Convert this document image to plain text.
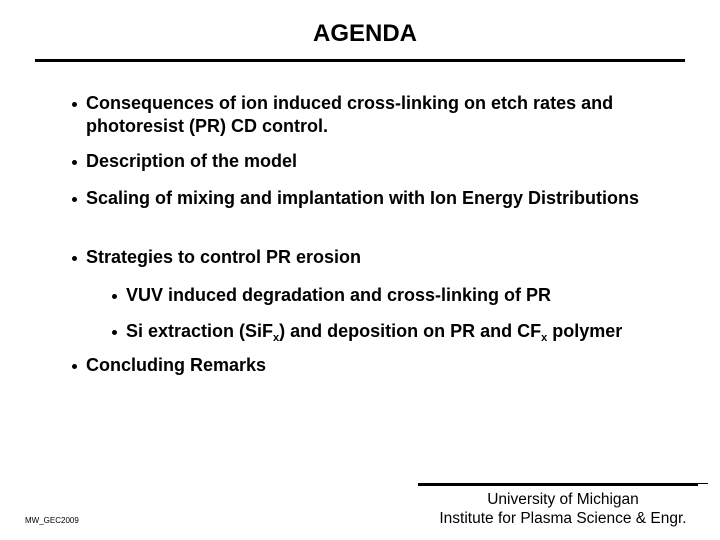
AGENDA
Consequences of ion induced cross-linking on etch rates and photoresist (PR) CD control.
Description of the model
Scaling of mixing and implantation with Ion Energy Distributions
Strategies to control PR erosion
VUV induced degradation and cross-linking of PR
Si extraction (SiF$_x$) and deposition on PR and $CF_x$ polymer
Concluding Remarks
MW_GEC2009
University of Michigan
Institute for Plasma Science & Engr.
